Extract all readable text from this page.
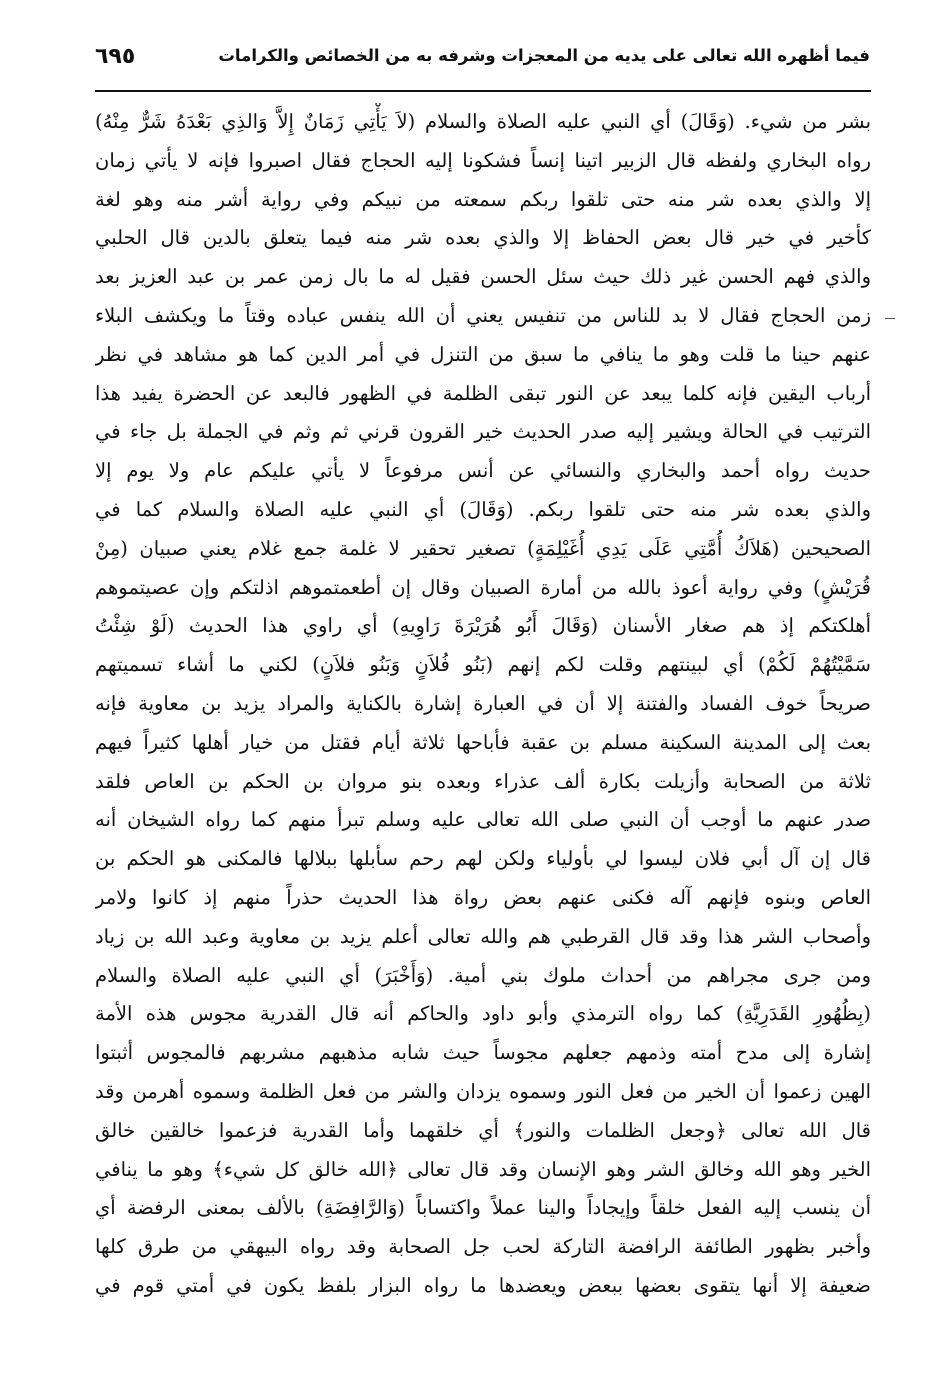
فيما أظهره الله تعالى على يديه من المعجزات وشرفه به من الخصائص والكرامات
٦٩٥
بشر من شيء. (وَقَالَ) أي النبي عليه الصلاة والسلام (لاَ يَأْتِي زَمَانٌ إِلاَّ وَالذِي بَعْدَهُ شَرٌّ مِنْهُ)
رواه البخاري ولفظه قال الزبير اتينا إنساً فشكونا إليه الحجاج فقال اصبروا فإنه لا يأتي زمان
إلا والذي بعده شر منه حتى تلقوا ربكم سمعته من نبيكم وفي رواية أشر منه وهو لغة
كأخير في خير قال بعض الحفاظ إلا والذي بعده شر منه فيما يتعلق بالدين قال الحلبي
والذي فهم الحسن غير ذلك حيث سئل الحسن فقيل له ما بال زمن عمر بن عبد العزيز بعد
زمن الحجاج فقال لا بد للناس من تنفيس يعني أن الله ينفس عباده وقتاً ما ويكشف البلاء
عنهم حينا ما قلت وهو ما ينافي ما سبق من التنزل في أمر الدين كما هو مشاهد في نظر
أرباب اليقين فإنه كلما يبعد عن النور تبقى الظلمة في الظهور فالبعد عن الحضرة يفيد هذا
الترتيب في الحالة ويشير إليه صدر الحديث خير القرون قرني ثم وثم في الجملة بل جاء في
حديث رواه أحمد والبخاري والنسائي عن أنس مرفوعاً لا يأتي عليكم عام ولا يوم إلا
والذي بعده شر منه حتى تلقوا ربكم. (وَقَالَ) أي النبي عليه الصلاة والسلام كما في
الصحيحين (هَلاَكُ أُمَّتِي عَلَى يَدِي أُغَيْلِمَةٍ) تصغير تحقير لا غلمة جمع غلام يعني صبيان (مِنْ
قُرَيْشٍ) وفي رواية أعوذ بالله من أمارة الصبيان وقال إن أطعمتموهم اذلتكم وإن عصيتموهم
أهلكتكم إذ هم صغار الأسنان (وَقَالَ أَبُو هُرَيْرَةَ رَاوِيهِ) أي راوي هذا الحديث (لَوْ شِئْتُ
سَمَّيْتُهُمْ لَكُمْ) أي لبينتهم وقلت لكم إنهم (بَنُو فُلاَنٍ وَبَنُو فلاَنٍ) لكني ما أشاء تسميتهم
صريحاً خوف الفساد والفتنة إلا أن في العبارة إشارة بالكناية والمراد يزيد بن معاوية فإنه
بعث إلى المدينة السكينة مسلم بن عقبة فأباحها ثلاثة أيام فقتل من خيار أهلها كثيراً فيهم
ثلاثة من الصحابة وأزيلت بكارة ألف عذراء وبعده بنو مروان بن الحكم بن العاص فلقد
صدر عنهم ما أوجب أن النبي صلى الله تعالى عليه وسلم تبرأ منهم كما رواه الشيخان أنه
قال إن آل أبي فلان ليسوا لي بأولياء ولكن لهم رحم سأبلها ببلالها فالمكنى هو الحكم بن
العاص وبنوه فإنهم آله فكنى عنهم بعض رواة هذا الحديث حذراً منهم إذ كانوا ولامر
وأصحاب الشر هذا وقد قال القرطبي هم والله تعالى أعلم يزيد بن معاوية وعبد الله بن زياد
ومن جرى مجراهم من أحداث ملوك بني أمية. (وَأَخْبَرَ) أي النبي عليه الصلاة والسلام
(بِظُهُورِ القَدَرِيَّةِ) كما رواه الترمذي وأبو داود والحاكم أنه قال القدرية مجوس هذه الأمة
إشارة إلى مدح أمته وذمهم جعلهم مجوساً حيث شابه مذهبهم مشربهم فالمجوس أثبتوا
الهين زعموا أن الخير من فعل النور وسموه يزدان والشر من فعل الظلمة وسموه أهرمن وقد
قال الله تعالى ﴿وجعل الظلمات والنور﴾ أي خلقهما وأما القدرية فزعموا خالقين خالق
الخير وهو الله وخالق الشر وهو الإنسان وقد قال تعالى ﴿الله خالق كل شيء﴾ وهو ما ينافي
أن ينسب إليه الفعل خلقاً وإيجاداً والينا عملاً واكتساباً (وَالرَّافِضَةِ) بالألف بمعنى الرفضة أي
وأخبر بظهور الطائفة الرافضة التاركة لحب جل الصحابة وقد رواه البيهقي من طرق كلها
ضعيفة إلا أنها يتقوى بعضها ببعض ويعضدها ما رواه البزار بلفظ يكون في أمتي قوم في
